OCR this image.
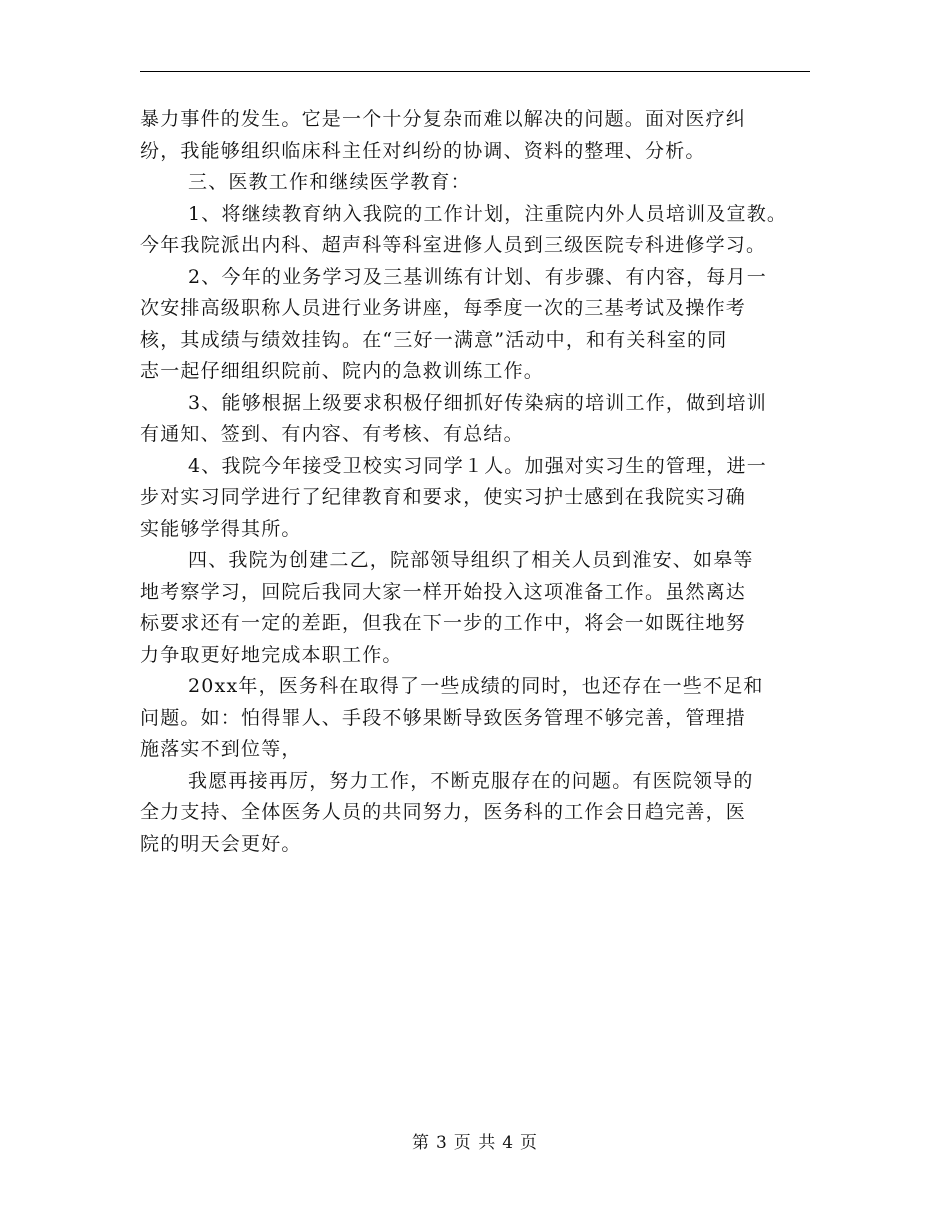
暴力事件的发生。它是一个十分复杂而难以解决的问题。面对医疗纠
纷，我能够组织临床科主任对纠纷的协调、资料的整理、分析。
三、医教工作和继续医学教育：
1、将继续教育纳入我院的工作计划，注重院内外人员培训及宣教。
今年我院派出内科、超声科等科室进修人员到三级医院专科进修学习。
2、今年的业务学习及三基训练有计划、有步骤、有内容，每月一
次安排高级职称人员进行业务讲座，每季度一次的三基考试及操作考
核，其成绩与绩效挂钩。在“三好一满意”活动中，和有关科室的同
志一起仔细组织院前、院内的急救训练工作。
3、能够根据上级要求积极仔细抓好传染病的培训工作，做到培训
有通知、签到、有内容、有考核、有总结。
4、我院今年接受卫校实习同学１人。加强对实习生的管理，进一
步对实习同学进行了纪律教育和要求，使实习护士感到在我院实习确
实能够学得其所。
四、我院为创建二乙，院部领导组织了相关人员到淮安、如皋等
地考察学习，回院后我同大家一样开始投入这项准备工作。虽然离达
标要求还有一定的差距，但我在下一步的工作中，将会一如既往地努
力争取更好地完成本职工作。
20xx年，医务科在取得了一些成绩的同时，也还存在一些不足和
问题。如：怕得罪人、手段不够果断导致医务管理不够完善，管理措
施落实不到位等，
我愿再接再厉，努力工作，不断克服存在的问题。有医院领导的
全力支持、全体医务人员的共同努力，医务科的工作会日趋完善，医
院的明天会更好。
第 3 页 共 4 页
